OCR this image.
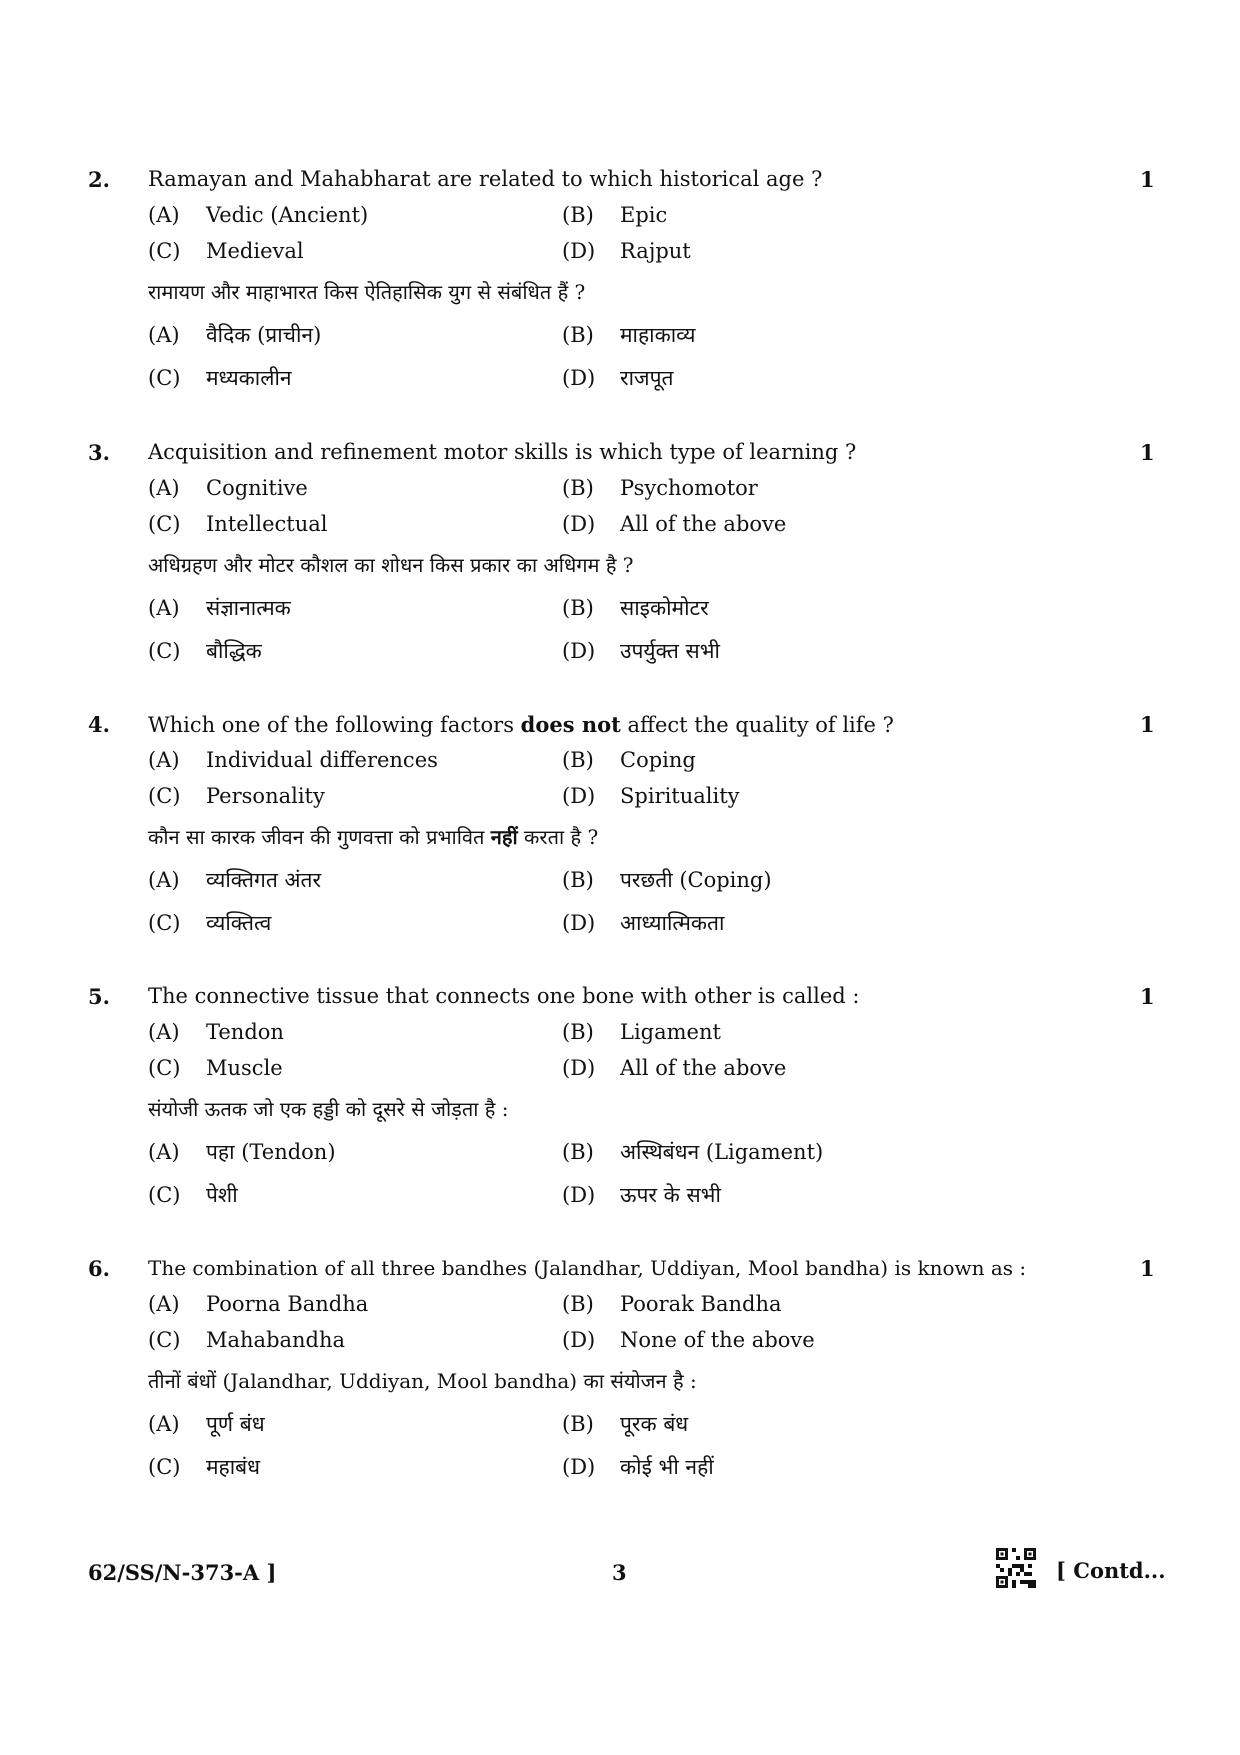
2. Ramayan and Mahabharat are related to which historical age ?	1
(A) Vedic (Ancient)	(B) Epic
(C) Medieval	(D) Rajput
रामायण और माहाभारत किस ऐतिहासिक युग से संबंधित हैं ?
(A) वैदिक (प्राचीन)	(B) माहाकाव्य
(C) मध्यकालीन	(D) राजपूत
3. Acquisition and refinement motor skills is which type of learning ?	1
(A) Cognitive	(B) Psychomotor
(C) Intellectual	(D) All of the above
अधिग्रहण और मोटर कौशल का शोधन किस प्रकार का अधिगम है ?
(A) संज्ञानात्मक	(B) साइकोमोटर
(C) बौद्धिक	(D) उपर्युक्त सभी
4. Which one of the following factors does not affect the quality of life ?	1
(A) Individual differences	(B) Coping
(C) Personality	(D) Spirituality
कौन सा कारक जीवन की गुणवत्ता को प्रभावित नहीं करता है ?
(A) व्यक्तिगत अंतर	(B) परछती (Coping)
(C) व्यक्तित्व	(D) आध्यात्मिकता
5. The connective tissue that connects one bone with other is called :	1
(A) Tendon	(B) Ligament
(C) Muscle	(D) All of the above
संयोजी ऊतक जो एक हड्डी को दूसरे से जोड़ता है :
(A) पहा (Tendon)	(B) अस्थिबंधन (Ligament)
(C) पेशी	(D) ऊपर के सभी
6. The combination of all three bandhes (Jalandhar, Uddiyan, Mool bandha) is known as :	1
(A) Poorna Bandha	(B) Poorak Bandha
(C) Mahabandha	(D) None of the above
तीनों बंधों (Jalandhar, Uddiyan, Mool bandha) का संयोजन है :
(A) पूर्ण बंध	(B) पूरक बंध
(C) महाबंध	(D) कोई भी नहीं
62/SS/N-373-A ]	3	[ Contd...
